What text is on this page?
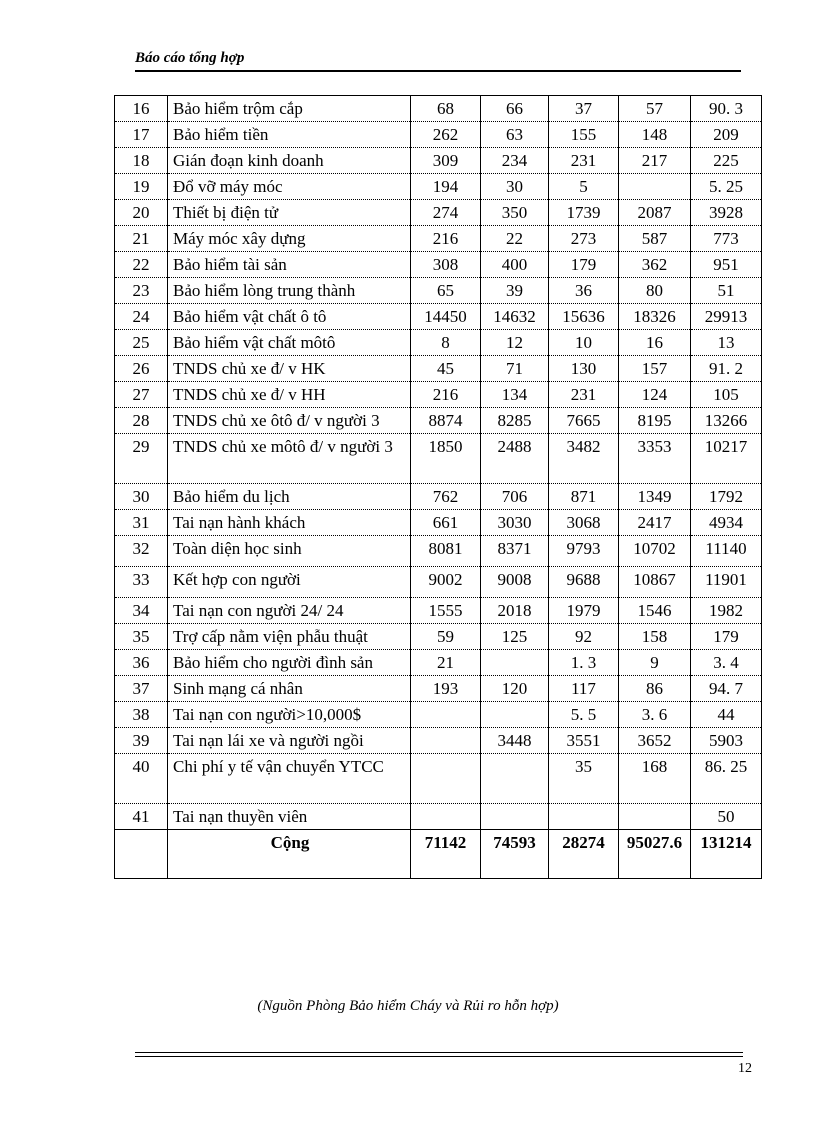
Báo cáo tổng hợp
16	Bảo hiểm trộm cắp	68	66	37	57	90. 3
17	Bảo hiểm tiền	262	63	155	148	209
18	Gián đoạn kinh doanh	309	234	231	217	225
19	Đổ vỡ máy móc	194	30	5		5. 25
20	Thiết bị điện tử	274	350	1739	2087	3928
21	Máy móc xây dựng	216	22	273	587	773
22	Bảo hiểm tài sản	308	400	179	362	951
23	Bảo hiểm lòng trung thành	65	39	36	80	51
24	Bảo hiểm vật chất ô tô	14450	14632	15636	18326	29913
25	Bảo hiểm vật chất môtô	8	12	10	16	13
26	TNDS chủ xe đ/ v HK	45	71	130	157	91. 2
27	TNDS chủ xe đ/ v HH	216	134	231	124	105
28	TNDS chủ xe ôtô đ/ v người 3	8874	8285	7665	8195	13266
29	TNDS chủ xe môtô đ/ v người 3	1850	2488	3482	3353	10217
30	Bảo hiểm du lịch	762	706	871	1349	1792
31	Tai nạn hành khách	661	3030	3068	2417	4934
32	Toàn diện học sinh	8081	8371	9793	10702	11140
33	Kết hợp con người	9002	9008	9688	10867	11901
34	Tai nạn con người 24/ 24	1555	2018	1979	1546	1982
35	Trợ cấp nằm viện phẫu thuật	59	125	92	158	179
36	Bảo hiểm cho người đình sản	21		1. 3	9	3. 4
37	Sinh mạng cá nhân	193	120	117	86	94. 7
38	Tai nạn con người>10,000$			5. 5	3. 6	44
39	Tai nạn lái xe và người ngồi		3448	3551	3652	5903
40	Chi phí y tế vận chuyển YTCC			35	168	86. 25
41	Tai nạn thuyền viên					50
	Cộng	71142	74593	28274	95027.6	131214
(Nguồn Phòng Bảo hiểm Cháy và Rủi ro hỗn hợp)
12
